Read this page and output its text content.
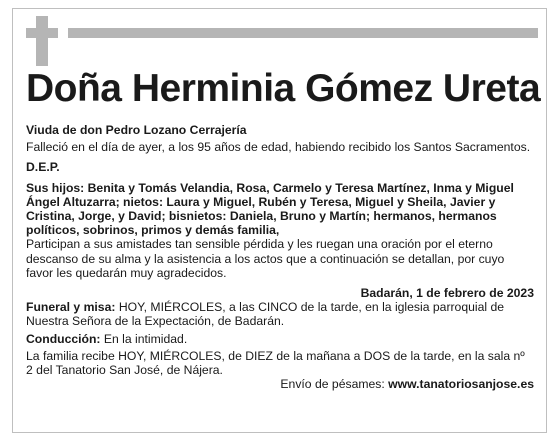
Doña Herminia Gómez Ureta

Viuda de don Pedro Lozano Cerrajería

Falleció en el día de ayer, a los 95 años de edad, habiendo recibido los Santos Sacramentos.

D.E.P.

Sus hijos: Benita y Tomás Velandia, Rosa, Carmelo y Teresa Martínez, Inma y Miguel Ángel Altuzarra; nietos: Laura y Miguel, Rubén y Teresa, Miguel y Sheila, Javier y Cristina, Jorge, y David; bisnietos: Daniela, Bruno y Martín; hermanos, hermanos políticos, sobrinos, primos y demás familia,

Participan a sus amistades tan sensible pérdida y les ruegan una oración por el eterno descanso de su alma y la asistencia a los actos que a continuación se detallan, por cuyo favor les quedarán muy agradecidos.

Badarán, 1 de febrero de 2023

Funeral y misa: HOY, MIÉRCOLES, a las CINCO de la tarde, en la iglesia parroquial de Nuestra Señora de la Expectación, de Badarán.

Conducción: En la intimidad.

La familia recibe HOY, MIÉRCOLES, de DIEZ de la mañana a DOS de la tarde, en la sala nº 2 del Tanatorio San José, de Nájera.

Envío de pésames: www.tanatoriosanjose.es
